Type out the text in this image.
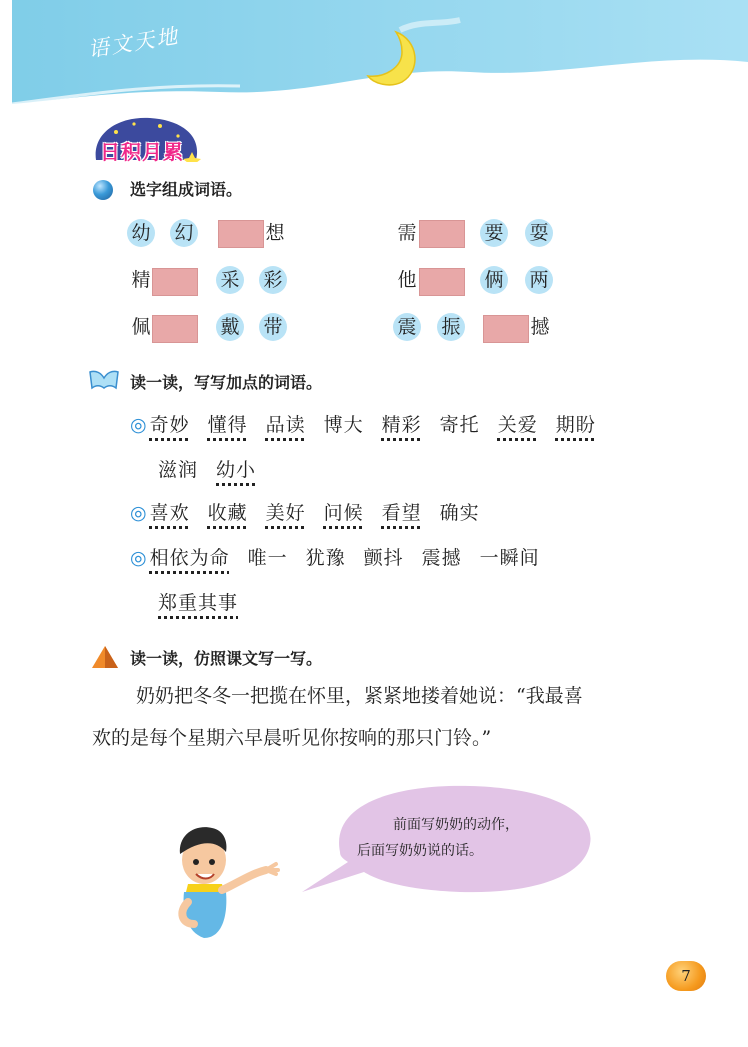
语文天地
日积月累
选字组成词语。
幼 幻	想	需	要 耍
精	采 彩	他	俩 两
佩	戴 带	震 振	撼
读一读，写写加点的词语。
◎ 奇妙 懂得 品读 博大 精彩 寄托 关爱 期盼
滋润 幼小
◎ 喜欢 收藏 美好 问候 看望 确实
◎ 相依为命 唯一 犹豫 颤抖 震撼 一瞬间
郑重其事
读一读，仿照课文写一写。
奶奶把冬冬一把揽在怀里，紧紧地搂着她说：“我最喜
欢的是每个星期六早晨听见你按响的那只门铃。”
前面写奶奶的动作，
后面写奶奶说的话。
7
